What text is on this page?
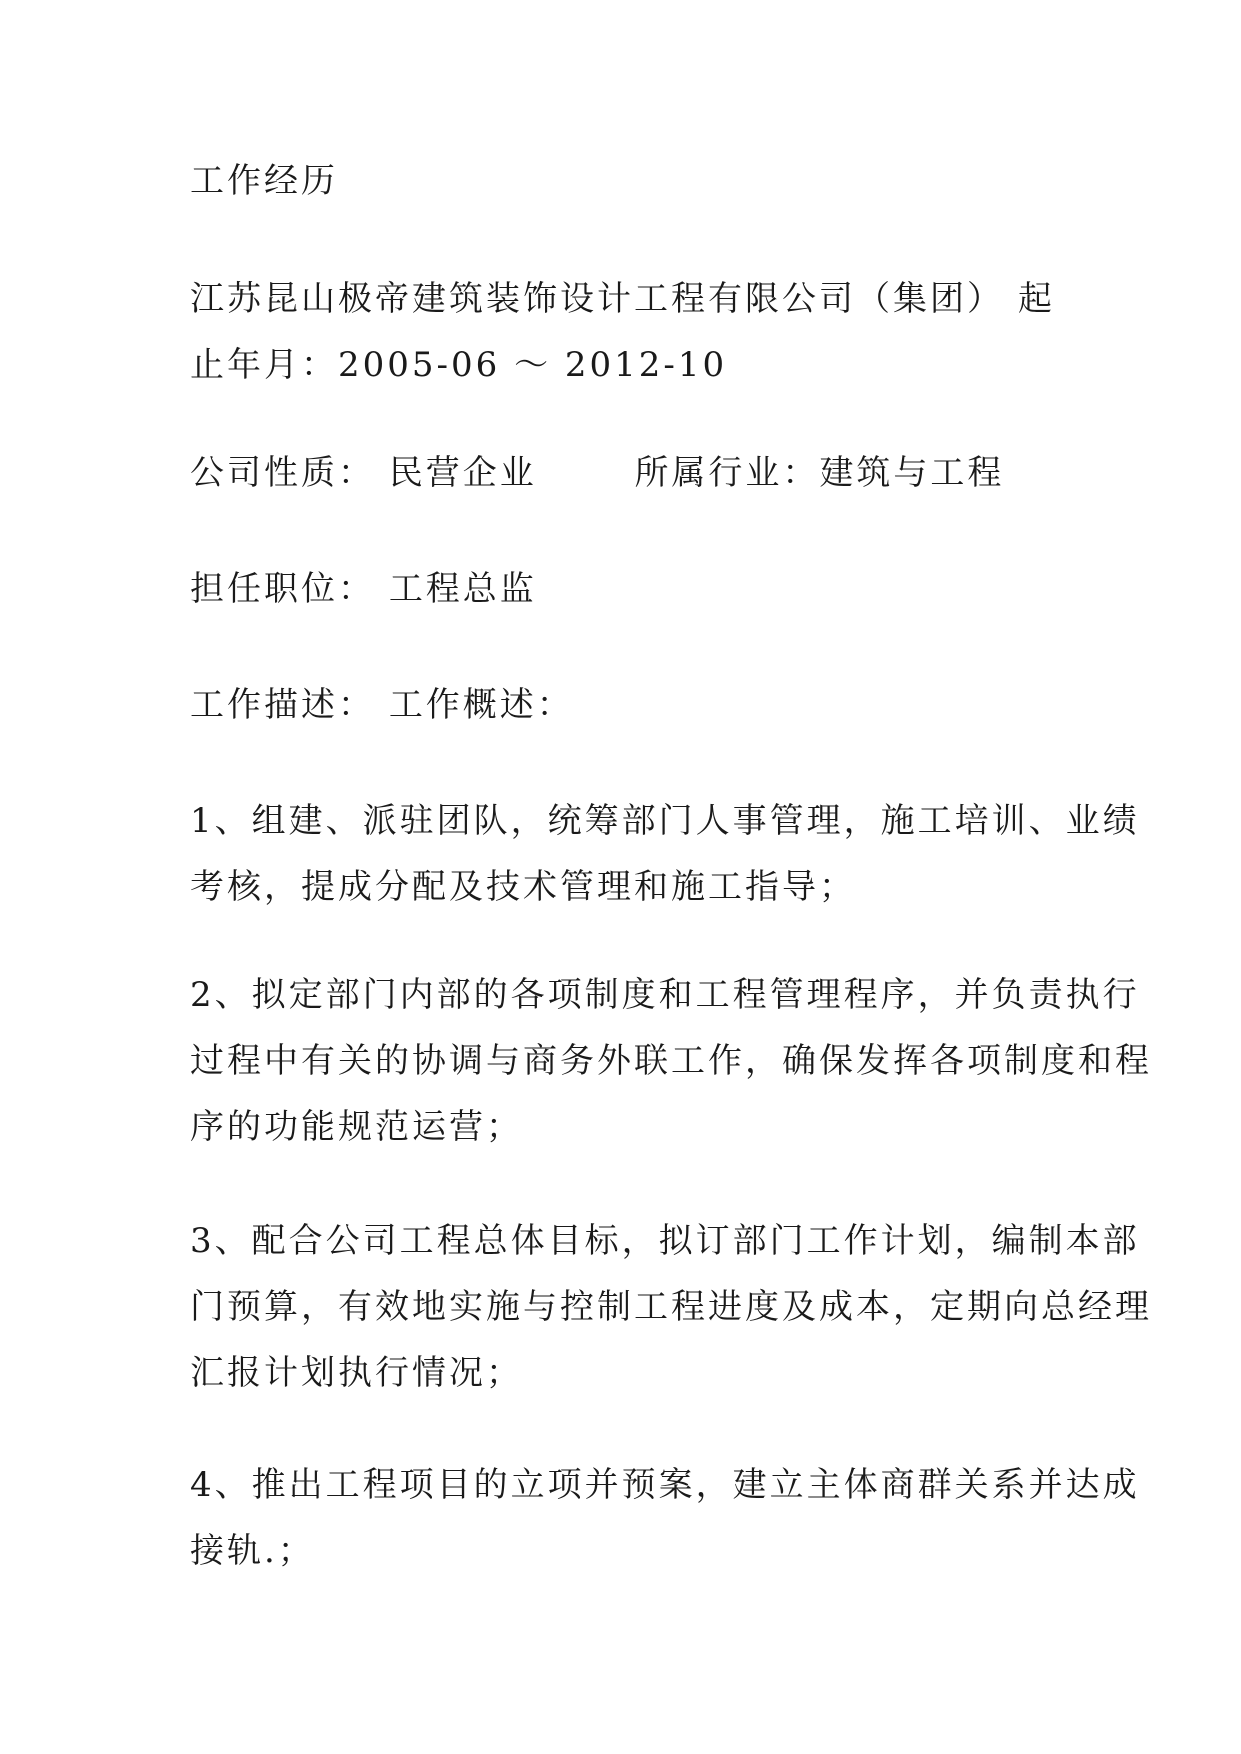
工作经历
江苏昆山极帝建筑装饰设计工程有限公司（集团） 起
止年月：2005-06 ～ 2012-10
公司性质： 民营企业	所属行业：建筑与工程
担任职位： 工程总监
工作描述： 工作概述：
1、组建、派驻团队，统筹部门人事管理，施工培训、业绩
考核，提成分配及技术管理和施工指导；
2、拟定部门内部的各项制度和工程管理程序，并负责执行
过程中有关的协调与商务外联工作，确保发挥各项制度和程
序的功能规范运营；
3、配合公司工程总体目标，拟订部门工作计划，编制本部
门预算，有效地实施与控制工程进度及成本，定期向总经理
汇报计划执行情况；
4、推出工程项目的立项并预案，建立主体商群关系并达成
接轨.；
